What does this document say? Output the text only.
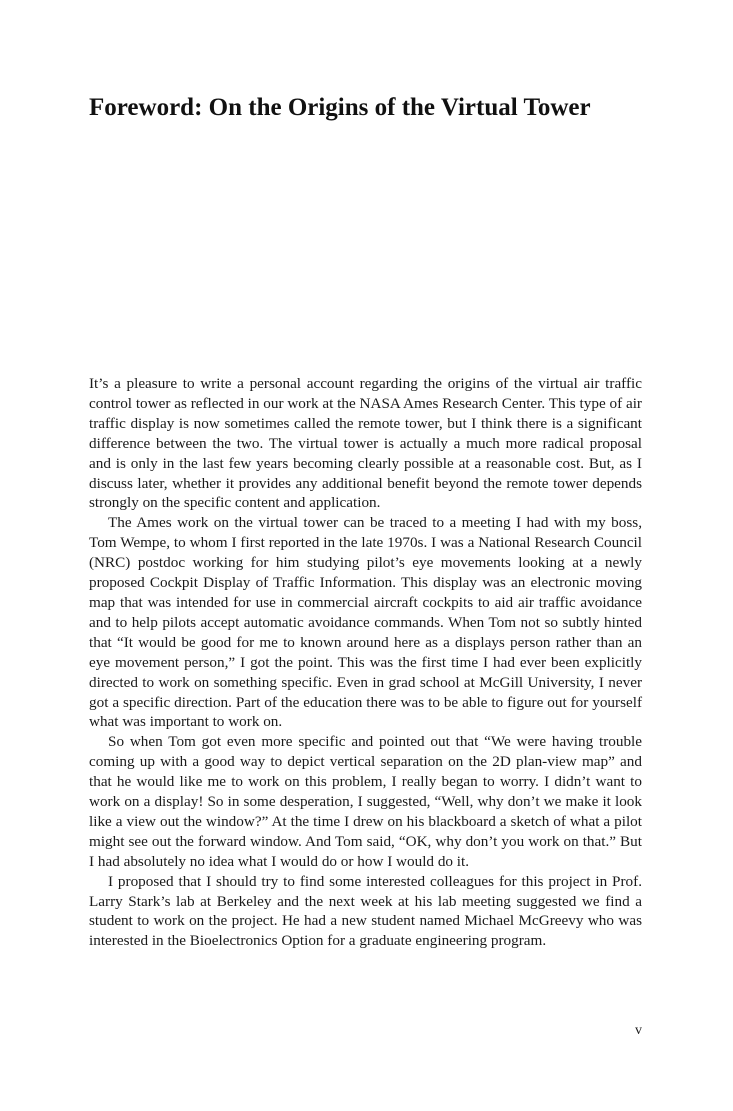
Foreword: On the Origins of the Virtual Tower

It’s a pleasure to write a personal account regarding the origins of the virtual air traffic control tower as reflected in our work at the NASA Ames Research Center. This type of air traffic display is now sometimes called the remote tower, but I think there is a significant difference between the two. The virtual tower is actually a much more radical proposal and is only in the last few years becoming clearly possible at a reasonable cost. But, as I discuss later, whether it provides any additional benefit beyond the remote tower depends strongly on the specific content and application.

The Ames work on the virtual tower can be traced to a meeting I had with my boss, Tom Wempe, to whom I first reported in the late 1970s. I was a National Research Council (NRC) postdoc working for him studying pilot’s eye movements looking at a newly proposed Cockpit Display of Traffic Information. This display was an electronic moving map that was intended for use in commercial aircraft cockpits to aid air traffic avoidance and to help pilots accept automatic avoidance commands. When Tom not so subtly hinted that “It would be good for me to known around here as a displays person rather than an eye movement person,” I got the point. This was the first time I had ever been explicitly directed to work on something specific. Even in grad school at McGill University, I never got a specific direction. Part of the education there was to be able to figure out for yourself what was important to work on.

So when Tom got even more specific and pointed out that “We were having trouble coming up with a good way to depict vertical separation on the 2D plan-view map” and that he would like me to work on this problem, I really began to worry. I didn’t want to work on a display! So in some desperation, I suggested, “Well, why don’t we make it look like a view out the window?” At the time I drew on his blackboard a sketch of what a pilot might see out the forward window. And Tom said, “OK, why don’t you work on that.” But I had absolutely no idea what I would do or how I would do it.

I proposed that I should try to find some interested colleagues for this project in Prof. Larry Stark’s lab at Berkeley and the next week at his lab meeting suggested we find a student to work on the project. He had a new student named Michael McGreevy who was interested in the Bioelectronics Option for a graduate engineering program.

v
